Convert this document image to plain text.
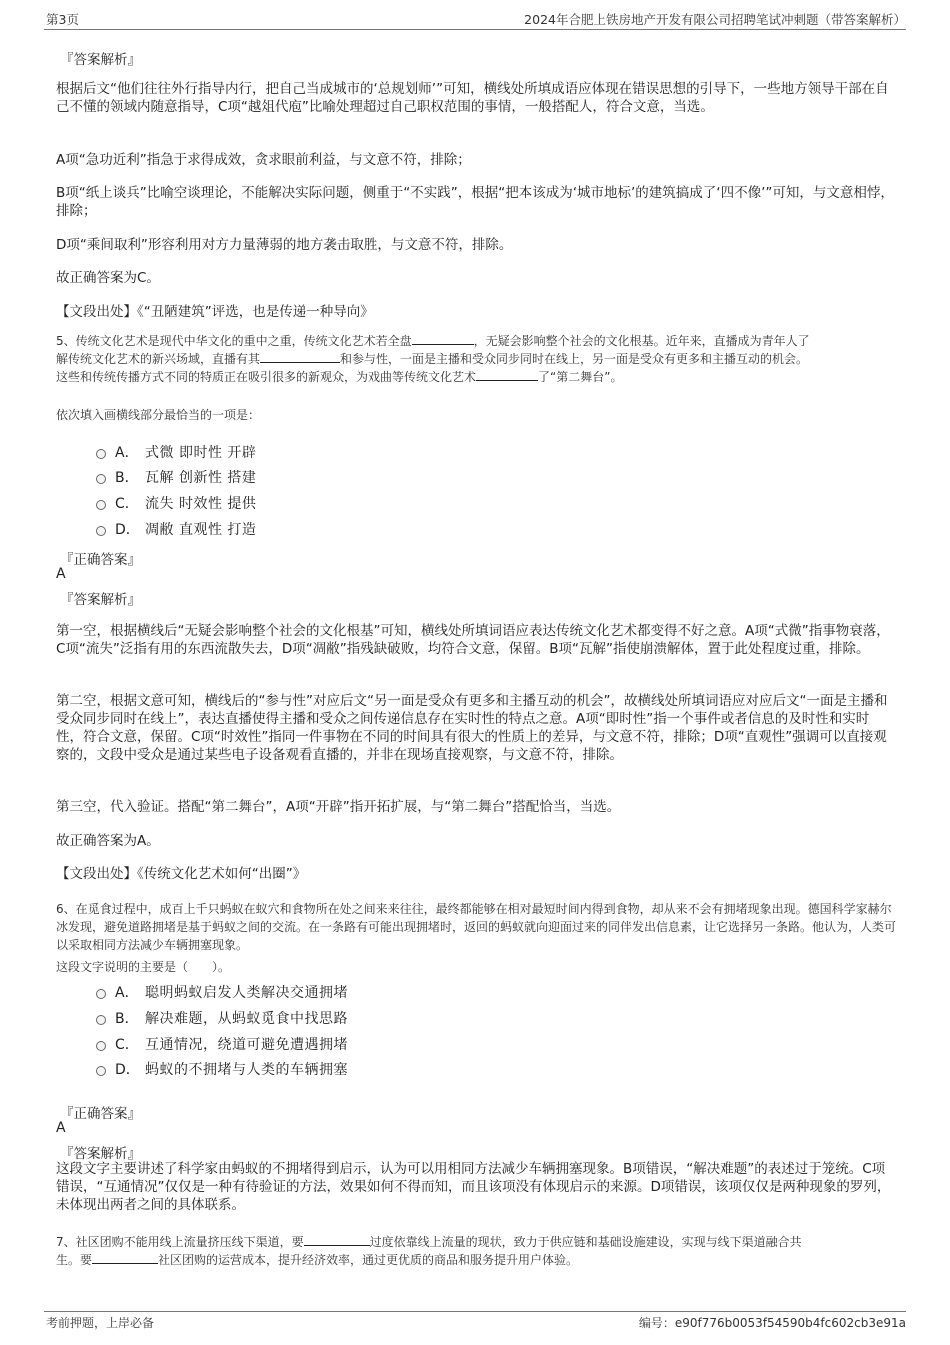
第3页	2024年合肥上铁房地产开发有限公司招聘笔试冲刺题（带答案解析）
『答案解析』
根据后文“他们往往外行指导内行，把自己当成城市的‘总规划师’”可知，横线处所填成语应体现在错误思想的引导下，一些地方领导干部在自己不懂的领域内随意指导，C项“越俎代庖”比喻处理超过自己职权范围的事情，一般搭配人，符合文意，当选。
A项“急功近利”指急于求得成效，贪求眼前利益，与文意不符，排除；
B项“纸上谈兵”比喻空谈理论，不能解决实际问题，侧重于“不实践”，根据“把本该成为‘城市地标’的建筑搞成了‘四不像’”可知，与文意相悖，排除；
D项“乘间取利”形容利用对方力量薄弱的地方袭击取胜，与文意不符，排除。
故正确答案为C。
【文段出处】《“丑陋建筑”评选，也是传递一种导向》
5、传统文化艺术是现代中华文化的重中之重，传统文化艺术若全盘	，无疑会影响整个社会的文化根基。近年来，直播成为青年人了
解传统文化艺术的新兴场域，直播有其	和参与性，一面是主播和受众同步同时在线上，另一面是受众有更多和主播互动的机会。
这些和传统传播方式不同的特质正在吸引很多的新观众，为戏曲等传统文化艺术	了“第二舞台”。
依次填入画横线部分最恰当的一项是：
A． 式微 即时性 开辟
B． 瓦解 创新性 搭建
C． 流失 时效性 提供
D． 凋敝 直观性 打造
『正确答案』
A
『答案解析』
第一空，根据横线后“无疑会影响整个社会的文化根基”可知，横线处所填词语应表达传统文化艺术都变得不好之意。A项“式微”指事物衰落，C项“流失”泛指有用的东西流散失去，D项“凋敝”指残缺破败，均符合文意，保留。B项“瓦解”指使崩溃解体，置于此处程度过重，排除。
第二空，根据文意可知，横线后的“参与性”对应后文“另一面是受众有更多和主播互动的机会”，故横线处所填词语应对应后文“一面是主播和受众同步同时在线上”，表达直播使得主播和受众之间传递信息存在实时性的特点之意。A项“即时性”指一个事件或者信息的及时性和实时性，符合文意，保留。C项“时效性”指同一件事物在不同的时间具有很大的性质上的差异，与文意不符，排除；D项“直观性”强调可以直接观察的，文段中受众是通过某些电子设备观看直播的，并非在现场直接观察，与文意不符，排除。
第三空，代入验证。搭配“第二舞台”，A项“开辟”指开拓扩展，与“第二舞台”搭配恰当，当选。
故正确答案为A。
【文段出处】《传统文化艺术如何“出圈”》
6、在觅食过程中，成百上千只蚂蚁在蚁穴和食物所在处之间来来往往，最终都能够在相对最短时间内得到食物，却从来不会有拥堵现象出现。德国科学家赫尔冰发现，避免道路拥堵是基于蚂蚁之间的交流。在一条路有可能出现拥堵时，返回的蚂蚁就向迎面过来的同伴发出信息素，让它选择另一条路。他认为，人类可以采取相同方法减少车辆拥塞现象。
这段文字说明的主要是（　　）。
A． 聪明蚂蚁启发人类解决交通拥堵
B． 解决难题，从蚂蚁觅食中找思路
C． 互通情况，绕道可避免遭遇拥堵
D． 蚂蚁的不拥堵与人类的车辆拥塞
『正确答案』
A
『答案解析』
这段文字主要讲述了科学家由蚂蚁的不拥堵得到启示，认为可以用相同方法减少车辆拥塞现象。B项错误，“解决难题”的表述过于笼统。C项错误，“互通情况”仅仅是一种有待验证的方法，效果如何不得而知，而且该项没有体现启示的来源。D项错误，该项仅仅是两种现象的罗列，未体现出两者之间的具体联系。
7、社区团购不能用线上流量挤压线下渠道，要	过度依靠线上流量的现状，致力于供应链和基础设施建设，实现与线下渠道融合共
生。要	社区团购的运营成本，提升经济效率，通过更优质的商品和服务提升用户体验。
考前押题，上岸必备	编号：e90f776b0053f54590b4fc602cb3e91a
